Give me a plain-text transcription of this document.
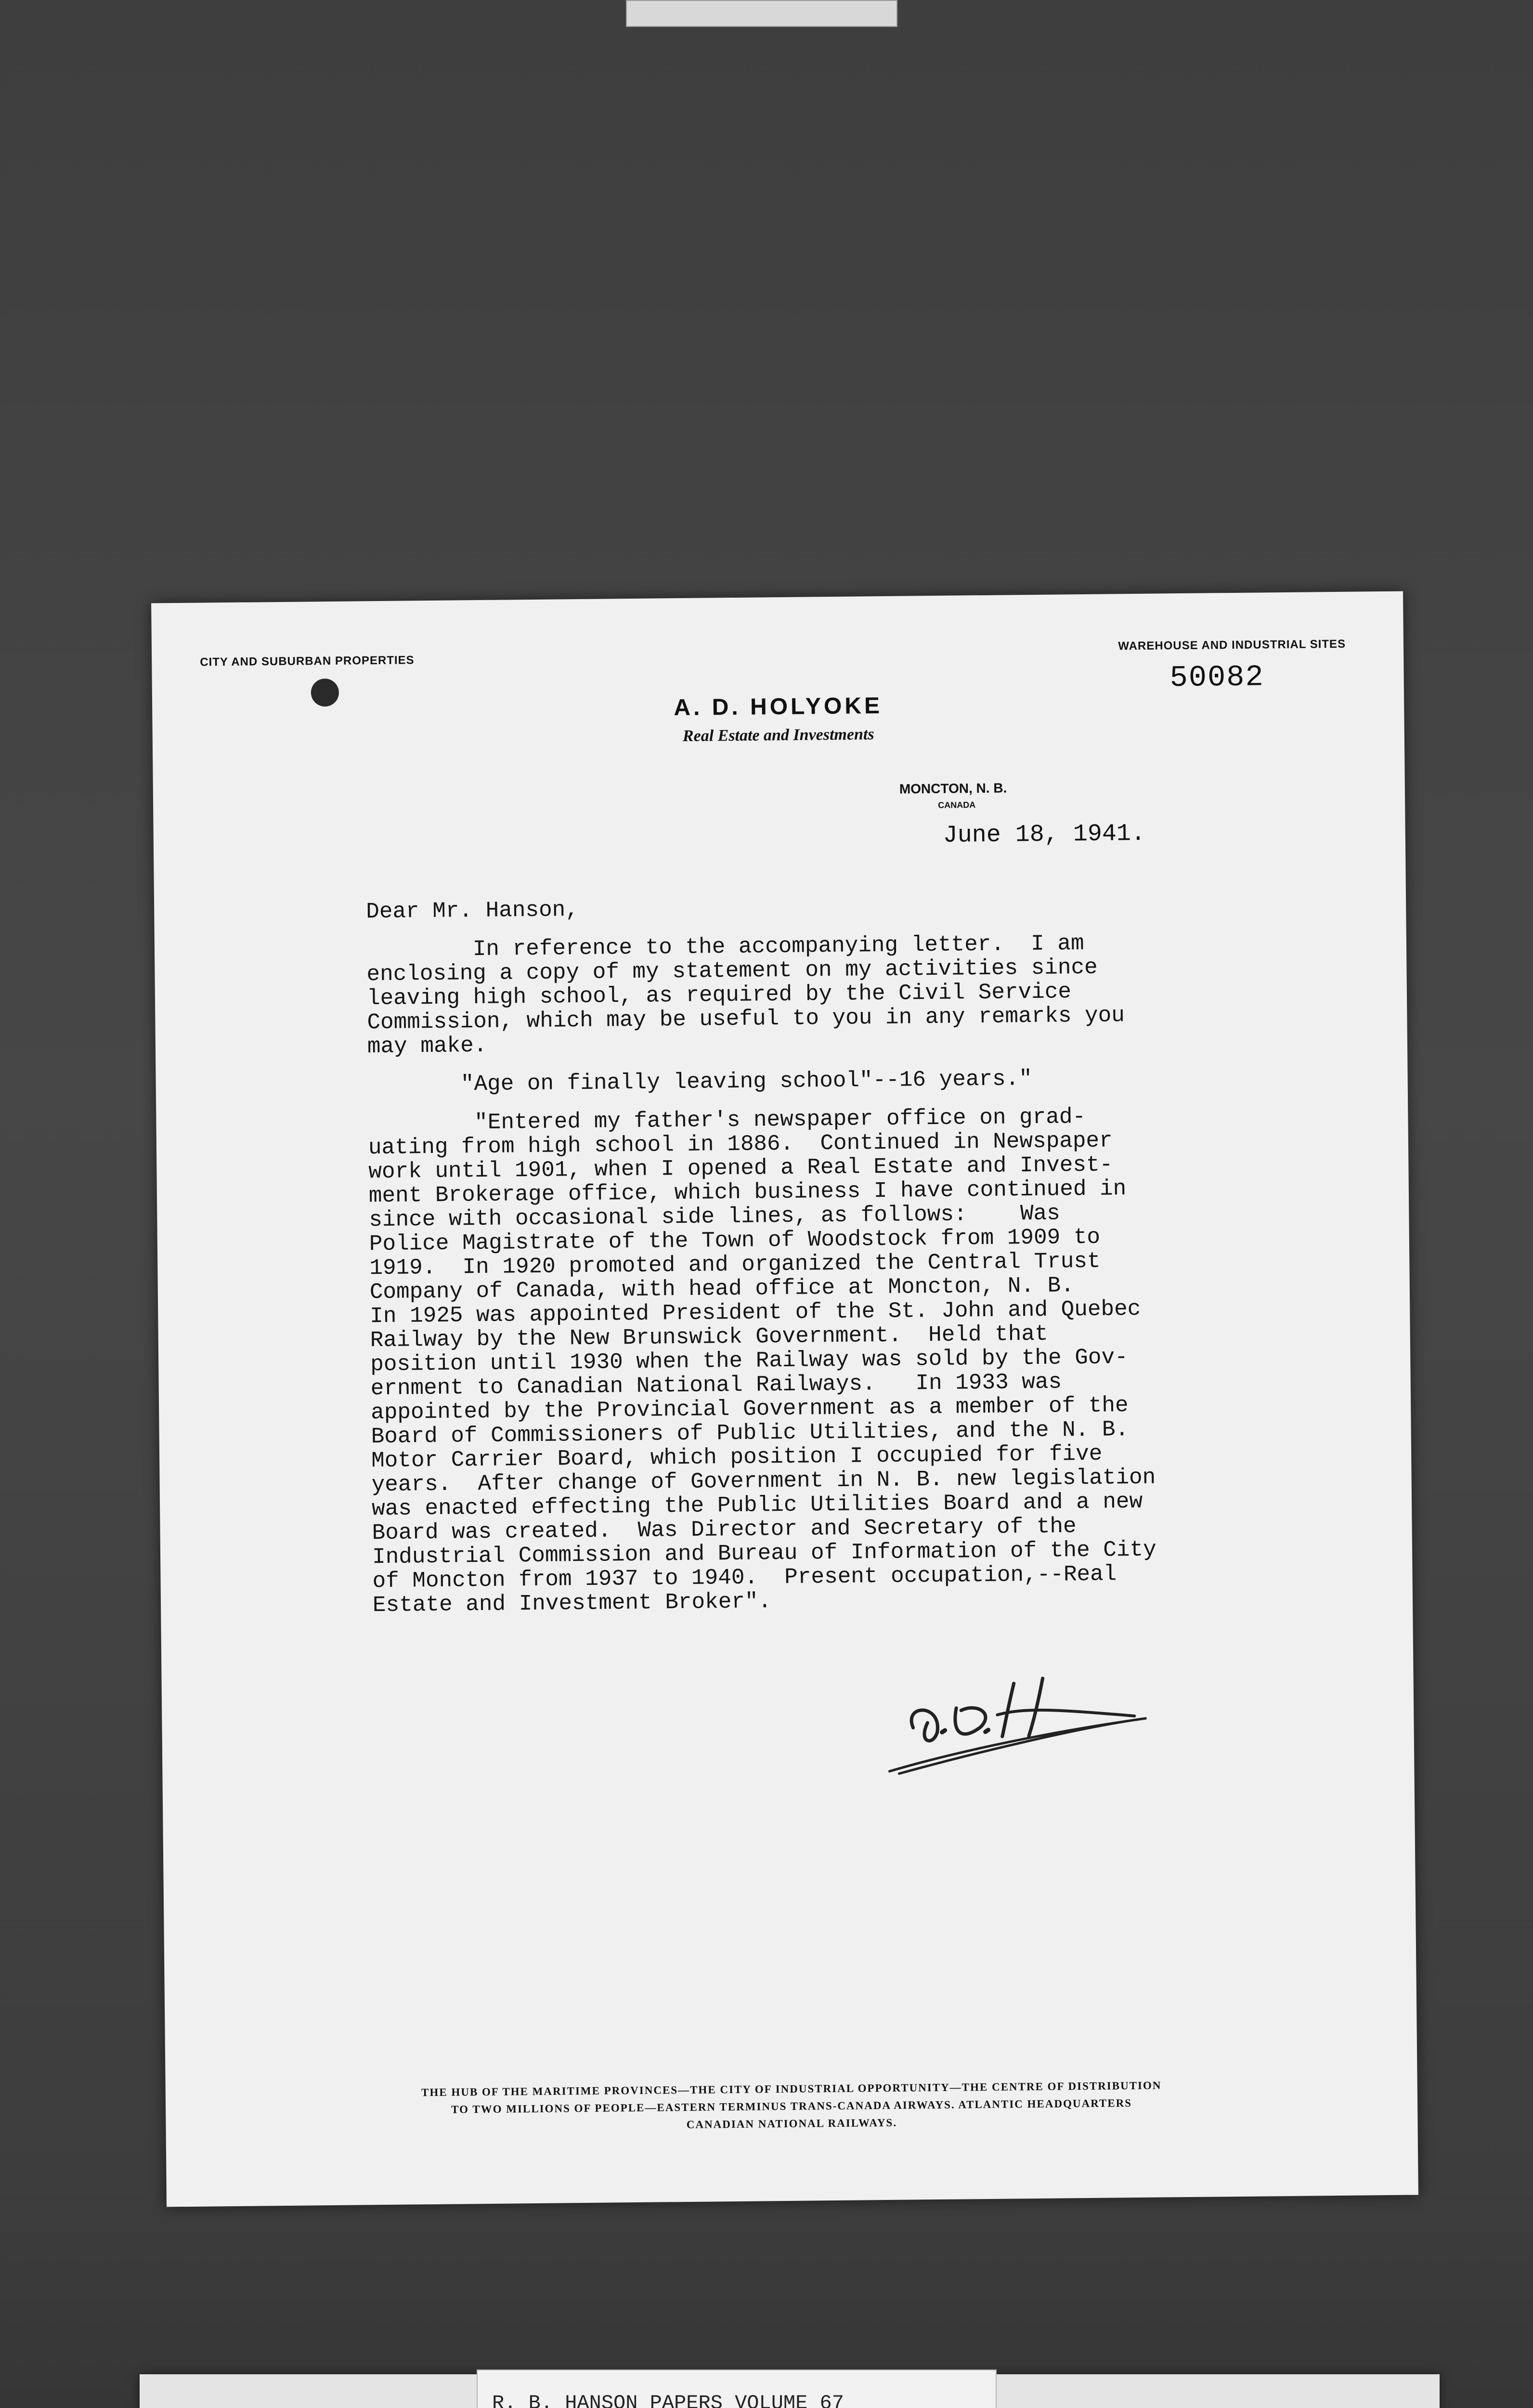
CITY AND SUBURBAN PROPERTIES
WAREHOUSE AND INDUSTRIAL SITES
50082
A. D. HOLYOKE
Real Estate and Investments
MONCTON, N. B.
CANADA
June 18, 1941.
Dear Mr. Hanson,
In reference to the accompanying letter.  I am
enclosing a copy of my statement on my activities since
leaving high school, as required by the Civil Service
Commission, which may be useful to you in any remarks you
may make.
"Age on finally leaving school"--16 years."
"Entered my father's newspaper office on grad-
uating from high school in 1886.  Continued in Newspaper
work until 1901, when I opened a Real Estate and Invest-
ment Brokerage office, which business I have continued in
since with occasional side lines, as follows:    Was
Police Magistrate of the Town of Woodstock from 1909 to
1919.  In 1920 promoted and organized the Central Trust
Company of Canada, with head office at Moncton, N. B.
In 1925 was appointed President of the St. John and Quebec
Railway by the New Brunswick Government.  Held that
position until 1930 when the Railway was sold by the Gov-
ernment to Canadian National Railways.   In 1933 was
appointed by the Provincial Government as a member of the
Board of Commissioners of Public Utilities, and the N. B.
Motor Carrier Board, which position I occupied for five
years.  After change of Government in N. B. new legislation
was enacted effecting the Public Utilities Board and a new
Board was created.  Was Director and Secretary of the
Industrial Commission and Bureau of Information of the City
of Moncton from 1937 to 1940.  Present occupation,--Real
Estate and Investment Broker".
THE HUB OF THE MARITIME PROVINCES—THE CITY OF INDUSTRIAL OPPORTUNITY—THE CENTRE OF DISTRIBUTION
TO TWO MILLIONS OF PEOPLE—EASTERN TERMINUS TRANS-CANADA AIRWAYS. ATLANTIC HEADQUARTERS
CANADIAN NATIONAL RAILWAYS.
R. B. HANSON PAPERS VOLUME 67
